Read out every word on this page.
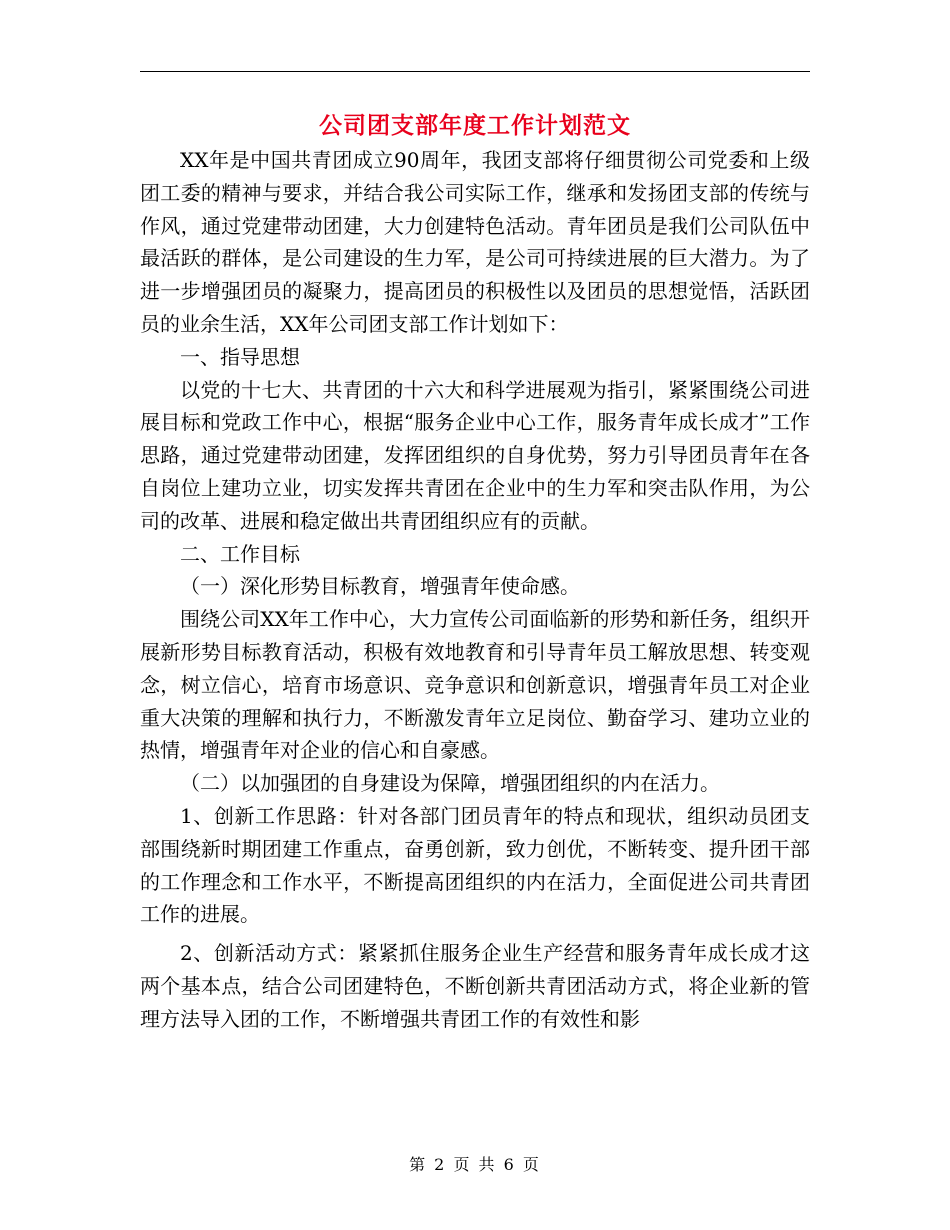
公司团支部年度工作计划范文

XX年是中国共青团成立90周年，我团支部将仔细贯彻公司党委和上级团工委的精神与要求，并结合我公司实际工作，继承和发扬团支部的传统与作风，通过党建带动团建，大力创建特色活动。青年团员是我们公司队伍中最活跃的群体，是公司建设的生力军，是公司可持续进展的巨大潜力。为了进一步增强团员的凝聚力，提高团员的积极性以及团员的思想觉悟，活跃团员的业余生活，XX年公司团支部工作计划如下：

一、指导思想

以党的十七大、共青团的十六大和科学进展观为指引，紧紧围绕公司进展目标和党政工作中心，根据“服务企业中心工作，服务青年成长成才”工作思路，通过党建带动团建，发挥团组织的自身优势，努力引导团员青年在各自岗位上建功立业，切实发挥共青团在企业中的生力军和突击队作用，为公司的改革、进展和稳定做出共青团组织应有的贡献。

二、工作目标

（一）深化形势目标教育，增强青年使命感。

围绕公司XX年工作中心，大力宣传公司面临新的形势和新任务，组织开展新形势目标教育活动，积极有效地教育和引导青年员工解放思想、转变观念，树立信心，培育市场意识、竞争意识和创新意识，增强青年员工对企业重大决策的理解和执行力，不断激发青年立足岗位、勤奋学习、建功立业的热情，增强青年对企业的信心和自豪感。

（二）以加强团的自身建设为保障，增强团组织的内在活力。

1、创新工作思路：针对各部门团员青年的特点和现状，组织动员团支部围绕新时期团建工作重点，奋勇创新，致力创优，不断转变、提升团干部的工作理念和工作水平，不断提高团组织的内在活力，全面促进公司共青团工作的进展。

2、创新活动方式：紧紧抓住服务企业生产经营和服务青年成长成才这两个基本点，结合公司团建特色，不断创新共青团活动方式，将企业新的管理方法导入团的工作，不断增强共青团工作的有效性和影

第 2 页 共 6 页
